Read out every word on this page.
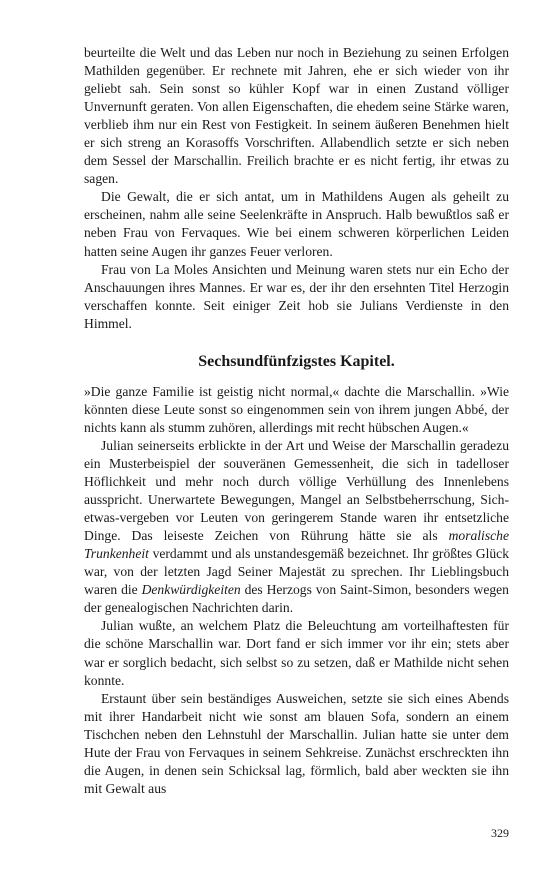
beurteilte die Welt und das Leben nur noch in Beziehung zu seinen Erfolgen Mathilden gegenüber. Er rechnete mit Jahren, ehe er sich wieder von ihr geliebt sah. Sein sonst so kühler Kopf war in einen Zustand völliger Unvernunft geraten. Von allen Eigenschaften, die ehedem seine Stärke waren, verblieb ihm nur ein Rest von Festigkeit. In seinem äußeren Benehmen hielt er sich streng an Korasoffs Vorschriften. Allabendlich setzte er sich neben dem Sessel der Marschallin. Freilich brachte er es nicht fertig, ihr etwas zu sagen.

Die Gewalt, die er sich antat, um in Mathildens Augen als geheilt zu erscheinen, nahm alle seine Seelenkräfte in Anspruch. Halb bewußtlos saß er neben Frau von Fervaques. Wie bei einem schweren körperlichen Leiden hatten seine Augen ihr ganzes Feuer verloren.

Frau von La Moles Ansichten und Meinung waren stets nur ein Echo der Anschauungen ihres Mannes. Er war es, der ihr den ersehnten Titel Herzogin verschaffen konnte. Seit einiger Zeit hob sie Julians Verdienste in den Himmel.

Sechsundfünfzigstes Kapitel.

»Die ganze Familie ist geistig nicht normal,« dachte die Marschallin. »Wie könnten diese Leute sonst so eingenommen sein von ihrem jungen Abbé, der nichts kann als stumm zuhören, allerdings mit recht hübschen Augen.«

Julian seinerseits erblickte in der Art und Weise der Marschallin geradezu ein Musterbeispiel der souveränen Gemessenheit, die sich in tadelloser Höflichkeit und mehr noch durch völlige Verhüllung des Innenlebens ausspricht. Unerwartete Bewegungen, Mangel an Selbstbeherrschung, Sich-etwas-vergeben vor Leuten von geringerem Stande waren ihr entsetzliche Dinge. Das leiseste Zeichen von Rührung hätte sie als moralische Trunkenheit verdammt und als unstandesgemäß bezeichnet. Ihr größtes Glück war, von der letzten Jagd Seiner Majestät zu sprechen. Ihr Lieblingsbuch waren die Denkwürdigkeiten des Herzogs von Saint-Simon, besonders wegen der genealogischen Nachrichten darin.

Julian wußte, an welchem Platz die Beleuchtung am vorteilhaftesten für die schöne Marschallin war. Dort fand er sich immer vor ihr ein; stets aber war er sorglich bedacht, sich selbst so zu setzen, daß er Mathilde nicht sehen konnte.

Erstaunt über sein beständiges Ausweichen, setzte sie sich eines Abends mit ihrer Handarbeit nicht wie sonst am blauen Sofa, sondern an einem Tischchen neben den Lehnstuhl der Marschallin. Julian hatte sie unter dem Hute der Frau von Fervaques in seinem Sehkreise. Zunächst erschreckten ihn die Augen, in denen sein Schicksal lag, förmlich, bald aber weckten sie ihn mit Gewalt aus

329
